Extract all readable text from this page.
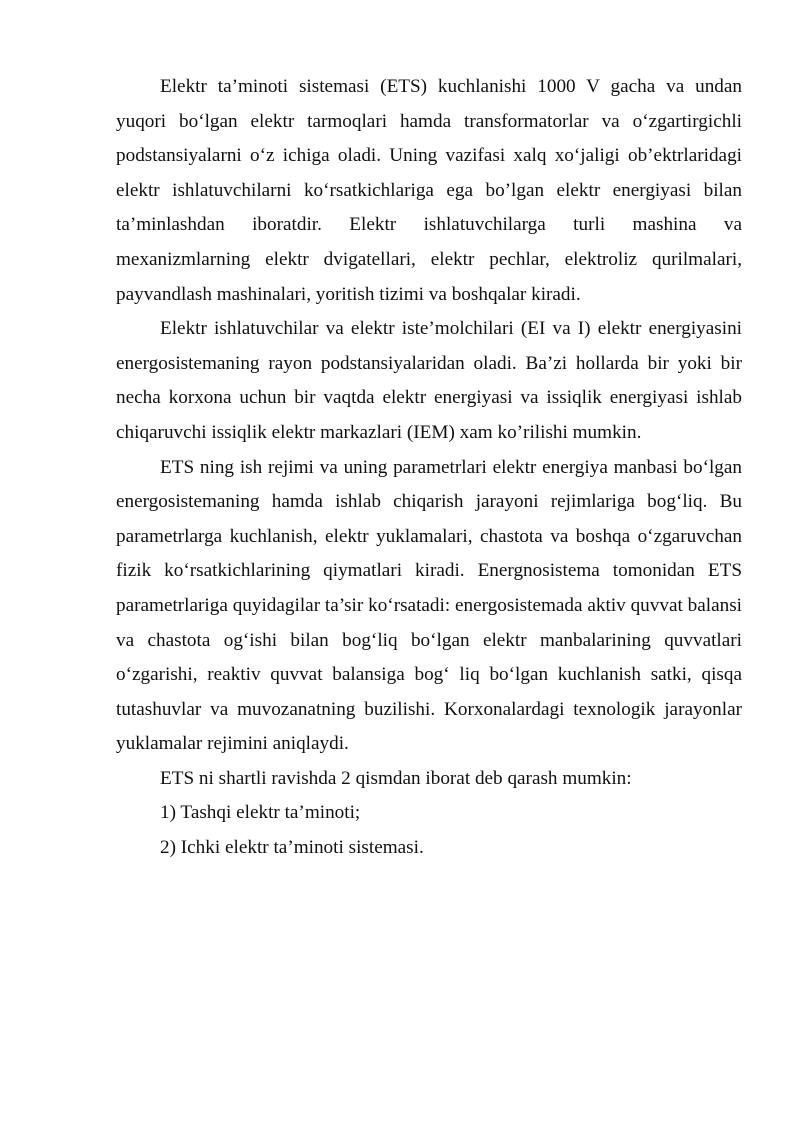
Elektr ta’minoti sistemasi (ETS) kuchlanishi 1000 V gacha va undan yuqori bo‘lgan elektr tarmoqlari hamda transformatorlar va o‘zgartirgichli podstansiyalarni o‘z ichiga oladi. Uning vazifasi xalq xo‘jaligi ob’ektrlaridagi elektr ishlatuvchilarni ko‘rsatkichlariga ega bo’lgan elektr energiyasi bilan ta’minlashdan iboratdir. Elektr ishlatuvchilarga turli mashina va mexanizmlarning elektr dvigatellari, elektr pechlar, elektroliz qurilmalari, payvandlash mashinalari, yoritish tizimi va boshqalar kiradi.

Elektr ishlatuvchilar va elektr iste’molchilari (EI va I) elektr energiyasini energosistemaning rayon podstansiyalaridan oladi. Ba’zi hollarda bir yoki bir necha korxona uchun bir vaqtda elektr energiyasi va issiqlik energiyasi ishlab chiqaruvchi issiqlik elektr markazlari (IEM) xam ko’rilishi mumkin.

ETS ning ish rejimi va uning parametrlari elektr energiya manbasi bo‘lgan energosistemaning hamda ishlab chiqarish jarayoni rejimlariga bog‘liq. Bu parametrlarga kuchlanish, elektr yuklamalari, chastota va boshqa o‘zgaruvchan fizik ko‘rsatkichlarining qiymatlari kiradi. Energnosistema tomonidan ETS parametrlariga quyidagilar ta’sir ko‘rsatadi: energosistemada aktiv quvvat balansi va chastota og‘ishi bilan bog‘liq bo‘lgan elektr manbalarining quvvatlari o‘zgarishi, reaktiv quvvat balansiga bog‘ liq bo‘lgan kuchlanish satki, qisqa tutashuvlar va muvozanatning buzilishi. Korxonalardagi texnologik jarayonlar yuklamalar rejimini aniqlaydi.

ETS ni shartli ravishda 2 qismdan iborat deb qarash mumkin:

1) Tashqi elektr ta’minoti;

2) Ichki elektr ta’minoti sistemasi.
